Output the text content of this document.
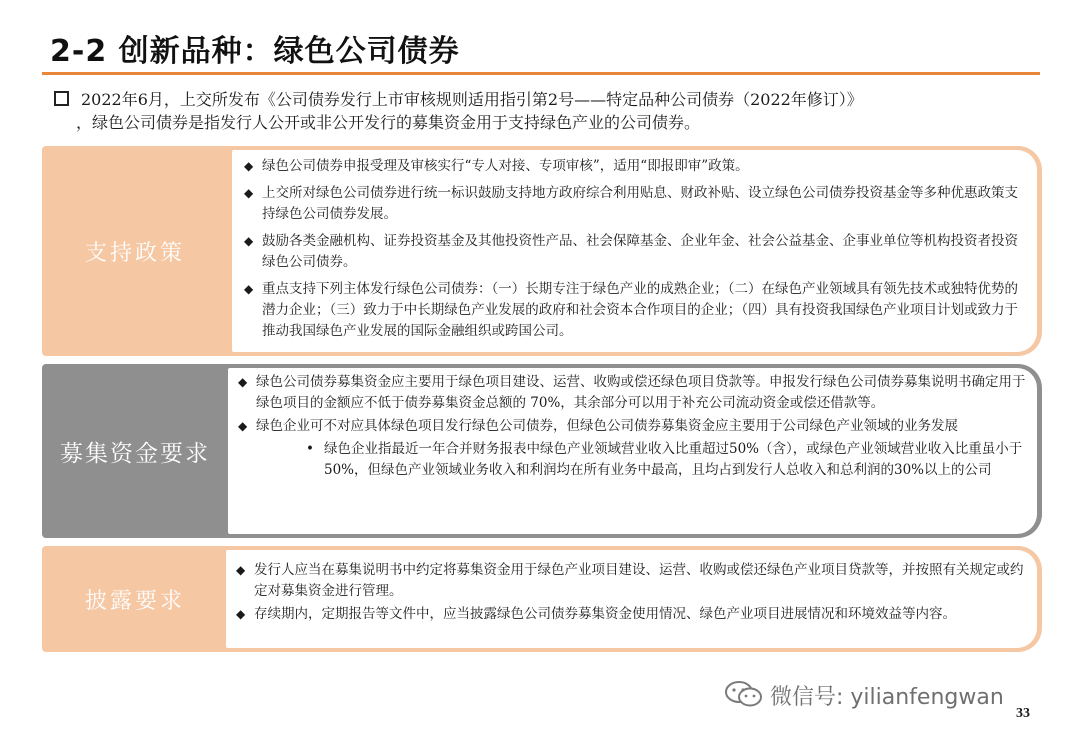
2-2 创新品种：绿色公司债券
2022年6月，上交所发布《公司债券发行上市审核规则适用指引第2号——特定品种公司债券（2022年修订）》
，绿色公司债券是指发行人公开或非公开发行的募集资金用于支持绿色产业的公司债券。
支持政策

◆ 绿色公司债券申报受理及审核实行“专人对接、专项审核”，适用“即报即审”政策。

◆ 上交所对绿色公司债券进行统一标识鼓励支持地方政府综合利用贴息、财政补贴、设立绿色公司债券投资基金等多种优惠政策支持绿色公司债券发展。

◆ 鼓励各类金融机构、证券投资基金及其他投资性产品、社会保障基金、企业年金、社会公益基金、企事业单位等机构投资者投资绿色公司债券。

◆ 重点支持下列主体发行绿色公司债券：（一）长期专注于绿色产业的成熟企业；（二）在绿色产业领域具有领先技术或独特优势的潜力企业；（三）致力于中长期绿色产业发展的政府和社会资本合作项目的企业；（四）具有投资我国绿色产业项目计划或致力于推动我国绿色产业发展的国际金融组织或跨国公司。

募集资金要求

◆ 绿色公司债券募集资金应主要用于绿色项目建设、运营、收购或偿还绿色项目贷款等。申报发行绿色公司债券募集说明书确定用于绿色项目的金额应不低于债券募集资金总额的 70%，其余部分可以用于补充公司流动资金或偿还借款等。

◆ 绿色企业可不对应具体绿色项目发行绿色公司债券，但绿色公司债券募集资金应主要用于公司绿色产业领域的业务发展

• 绿色企业指最近一年合并财务报表中绿色产业领域营业收入比重超过50%（含），或绿色产业领域营业收入比重虽小于50%，但绿色产业领域业务收入和利润均在所有业务中最高，且均占到发行人总收入和总利润的30%以上的公司

披露要求

◆ 发行人应当在募集说明书中约定将募集资金用于绿色产业项目建设、运营、收购或偿还绿色产业项目贷款等，并按照有关规定或约定对募集资金进行管理。

◆ 存续期内，定期报告等文件中，应当披露绿色公司债券募集资金使用情况、绿色产业项目进展情况和环境效益等内容。

微信号: yilianfengwan
33
